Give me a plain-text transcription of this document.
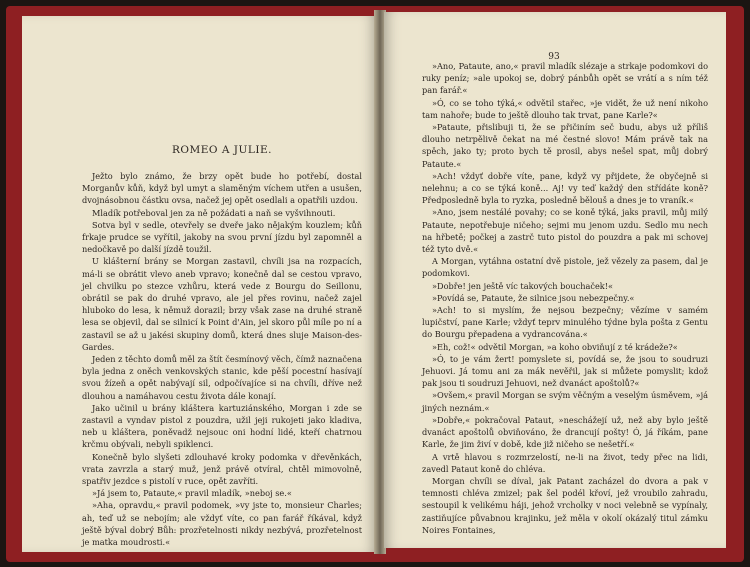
ROMEO A JULIE.

Ježto bylo známo, že brzy opět bude ho potřebí, dostal Morganův kůň, když byl umyt a slaměným víchem utřen a usušen, dvojnásobnou částku ovsa, načež jej opět osedlali a opatřili uzdou.

Mladík potřeboval jen za ně požádati a naň se vyšvihnouti.

Sotva byl v sedle, otevřely se dveře jako nějakým kouzlem; kůň frkaje prudce se vyřítil, jakoby na svou první jízdu byl zapomněl a nedočkavě po další jízdě toužil.

U klášterní brány se Morgan zastavil, chvíli jsa na rozpacích, má-li se obrátit vlevo aneb vpravo; konečně dal se cestou vpravo, jel chvilku po stezce vzhůru, která vede z Bourgu do Seillonu, obrátil se pak do druhé vpravo, ale jel přes rovinu, načež zajel hluboko do lesa, k němuž dorazil; brzy však zase na druhé straně lesa se objevil, dal se silnicí k Point d'Ain, jel skoro půl míle po ní a zastavil se až u jakési skupiny domů, která dnes sluje Maison-des-Gardes.

Jeden z těchto domů měl za štít česmínový věch, čímž naznačena byla jedna z oněch venkovských stanic, kde pěší pocestní hasívají svou žízeň a opět nabývají sil, odpočívajíce si na chvíli, dříve než dlouhou a namáhavou cestu života dále konají.

Jako učinil u brány kláštera kartuziánského, Morgan i zde se zastavil a vyndav pistol z pouzdra, užil jeji rukojeti jako kladiva, neb u kláštera, poněvadž nejsouc oni hodní lidé, kteří chatrnou krčmu obývali, nebyli spiklenci.

Konečně bylo slyšeti zdlouhavé kroky podomka v dřevěnkách, vrata zavrzla a starý muž, jenž právě otvíral, chtěl mimovolně, spatřiv jezdce s pistolí v ruce, opět zavříti.

»Já jsem to, Pataute,« pravil mladík, »neboj se.«

»Aha, opravdu,« pravil podomek, »vy jste to, monsieur Charles; ah, teď už se nebojím; ale vždyť víte, co pan farář říkával, když ještě býval dobrý Bůh: prozřetelnosti nikdy nezbývá, prozřetelnost je matka moudrosti.«

93

»Ano, Pataute, ano,« pravil mladík slézaje a strkaje podomkovi do ruky peníz; »ale upokoj se, dobrý pánbůh opět se vrátí a s ním též pan farář.«

»Ó, co se toho týká,« odvětil stařec, »je vidět, že už není nikoho tam nahoře; bude to ještě dlouho tak trvat, pane Karle?«

»Pataute, přislibuji ti, že se přičiním seč budu, abys už příliš dlouho netrpělivě čekat na mé čestné slovo! Mám právě tak na spěch, jako ty; proto bych tě prosil, abys nešel spat, můj dobrý Pataute.«

»Ach! vždyť dobře víte, pane, když vy přijdete, že obyčejně si nelehnu; a co se týká koně... Aj! vy teď každý den střídáte koně? Předposledně byla to ryzka, posledně bělouš a dnes je to vraník.«

»Ano, jsem nestálé povahy; co se koně týká, jaks pravil, můj milý Pataute, nepotřebuje ničeho; sejmi mu jenom uzdu. Sedlo mu nech na hřbetě; počkej a zastrč tuto pistol do pouzdra a pak mi schovej též tyto dvě.«

A Morgan, vytáhna ostatní dvě pistole, jež vězely za pasem, dal je podomkovi.

»Dobře! jen ještě víc takových bouchaček!«

»Povídá se, Pataute, že silnice jsou nebezpečny.«

»Ach! to si myslím, že nejsou bezpečny; vězíme v samém lupičství, pane Karle; vždyť teprv minulého týdne byla pošta z Gentu do Bourgu přepadena a vydrancována.«

»Eh, což!« odvětil Morgan, »a koho obviňují z té krádeže?«

»Ó, to je vám žert! pomyslete si, povídá se, že jsou to soudruzi Jehuovi. Já tomu ani za mák nevěřil, jak si můžete pomyslit; kdož pak jsou ti soudruzi Jehuovi, než dvanáct apoštolů?«

»Ovšem,« pravil Morgan se svým věčným a veselým úsměvem, »já jiných neznám.«

»Dobře,« pokračoval Pataut, »neschážejí už, než aby bylo ještě dvanáct apoštolů obviňováno, že drancují pošty! Ó, já říkám, pane Karle, že jim živí v době, kde již ničeho se nešetří.«

A vrtě hlavou s rozmrzelostí, ne-li na život, tedy přec na lidi, zavedl Pataut koně do chléva.

Morgan chvíli se díval, jak Patant zacházel do dvora a pak v temnosti chléva zmizel; pak šel podél křoví, jež vroubilo zahradu, sestoupil k velikému háji, jehož vrcholky v noci velebně se vypínaly, zastiňujíce půvabnou krajinku, jež měla v okolí okázalý titul zámku Noires Fontaines,
